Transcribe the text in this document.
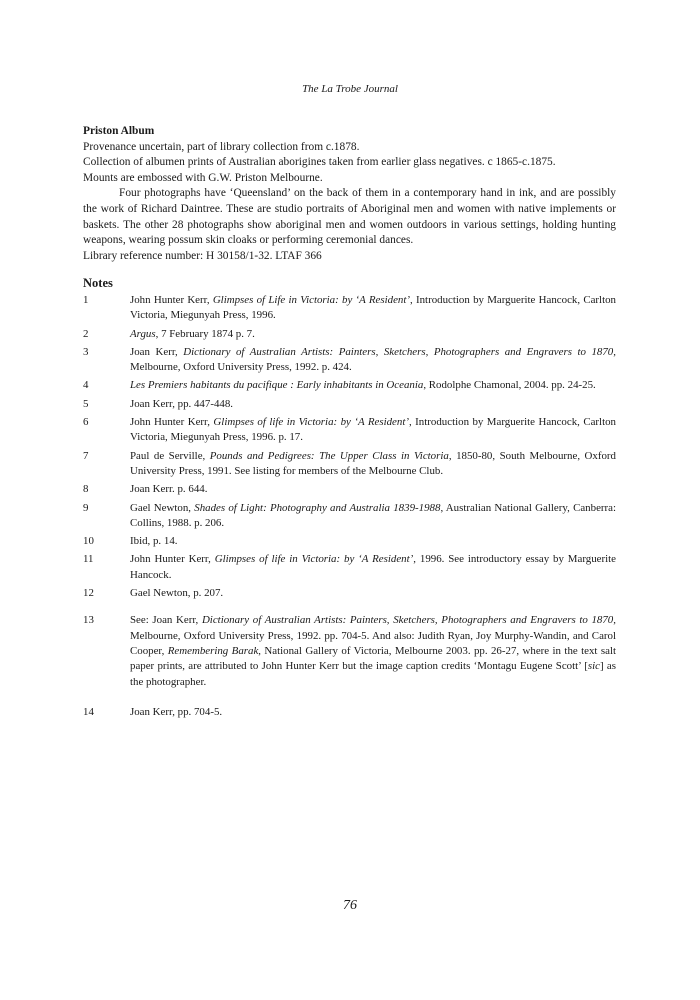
The La Trobe Journal

Priston Album

Provenance uncertain, part of library collection from c.1878.

Collection of albumen prints of Australian aborigines taken from earlier glass negatives. c 1865-c.1875.

Mounts are embossed with G.W. Priston Melbourne.

Four photographs have ‘Queensland’ on the back of them in a contemporary hand in ink, and are possibly the work of Richard Daintree. These are studio portraits of Aboriginal men and women with native implements or baskets. The other 28 photographs show aboriginal men and women outdoors in various settings, holding hunting weapons, wearing possum skin cloaks or performing ceremonial dances.

Library reference number: H 30158/1-32. LTAF 366

Notes
1	John Hunter Kerr, Glimpses of Life in Victoria: by ‘A Resident’, Introduction by Marguerite Hancock, Carlton Victoria, Miegunyah Press, 1996.
2	Argus, 7 February 1874 p. 7.
3	Joan Kerr, Dictionary of Australian Artists: Painters, Sketchers, Photographers and Engravers to 1870, Melbourne, Oxford University Press, 1992. p. 424.
4	Les Premiers habitants du pacifique : Early inhabitants in Oceania, Rodolphe Chamonal, 2004. pp. 24-25.
5	Joan Kerr, pp. 447-448.
6	John Hunter Kerr, Glimpses of life in Victoria: by ‘A Resident’, Introduction by Marguerite Hancock, Carlton Victoria, Miegunyah Press, 1996. p. 17.
7	Paul de Serville, Pounds and Pedigrees: The Upper Class in Victoria, 1850-80, South Melbourne, Oxford University Press, 1991. See listing for members of the Melbourne Club.
8	Joan Kerr. p. 644.
9	Gael Newton, Shades of Light: Photography and Australia 1839-1988, Australian National Gallery, Canberra: Collins, 1988. p. 206.
10	Ibid, p. 14.
11	John Hunter Kerr, Glimpses of life in Victoria: by ‘A Resident’, 1996. See introductory essay by Marguerite Hancock.
12	Gael Newton, p. 207.
13	See: Joan Kerr, Dictionary of Australian Artists: Painters, Sketchers, Photographers and Engravers to 1870, Melbourne, Oxford University Press, 1992. pp. 704-5. And also: Judith Ryan, Joy Murphy-Wandin, and Carol Cooper, Remembering Barak, National Gallery of Victoria, Melbourne 2003. pp. 26-27, where in the text salt paper prints, are attributed to John Hunter Kerr but the image caption credits ‘Montagu Eugene Scott’ [sic] as the photographer.
14	Joan Kerr, pp. 704-5.
76
